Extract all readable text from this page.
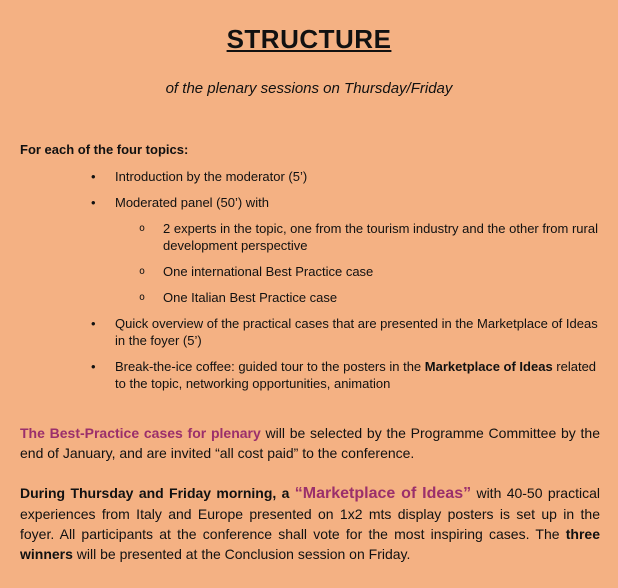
STRUCTURE
of the plenary sessions on Thursday/Friday
For each of the four topics:
• Introduction by the moderator (5’)
• Moderated panel (50’) with
o 2 experts in the topic, one from the tourism industry and the other from rural development perspective
o One international Best Practice case
o One Italian Best Practice case
• Quick overview of the practical cases that are presented in the Marketplace of Ideas in the foyer (5’)
• Break-the-ice coffee: guided tour to the posters in the Marketplace of Ideas related to the topic, networking opportunities, animation
The Best-Practice cases for plenary will be selected by the Programme Committee by the end of January, and are invited “all cost paid” to the conference.
During Thursday and Friday morning, a “Marketplace of Ideas” with 40-50 practical experiences from Italy and Europe presented on 1x2 mts display posters is set up in the foyer. All participants at the conference shall vote for the most inspiring cases. The three winners will be presented at the Conclusion session on Friday.
